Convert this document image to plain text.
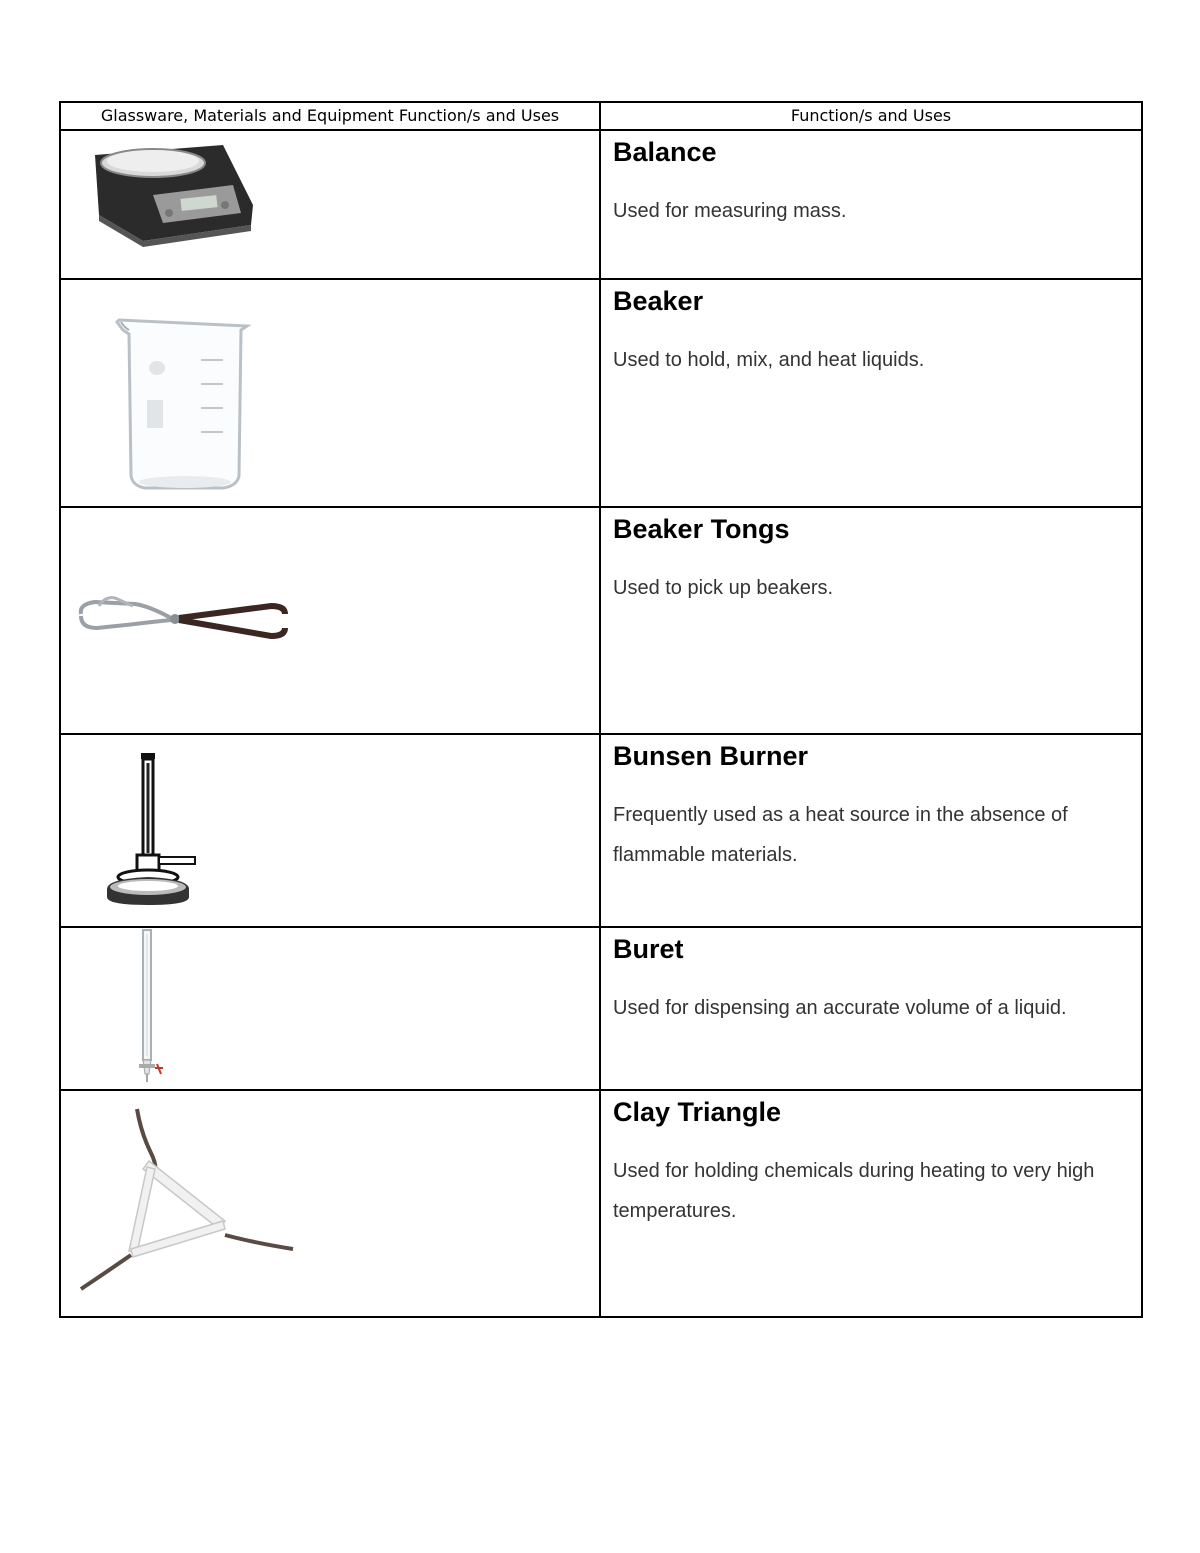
Glassware, Materials and Equipment Function/s and Uses	Function/s and Uses

Balance
Used for measuring mass.

Beaker
Used to hold, mix, and heat liquids.

Beaker Tongs
Used to pick up beakers.

Bunsen Burner
Frequently used as a heat source in the absence of flammable materials.

Buret
Used for dispensing an accurate volume of a liquid.

Clay Triangle
Used for holding chemicals during heating to very high temperatures.
